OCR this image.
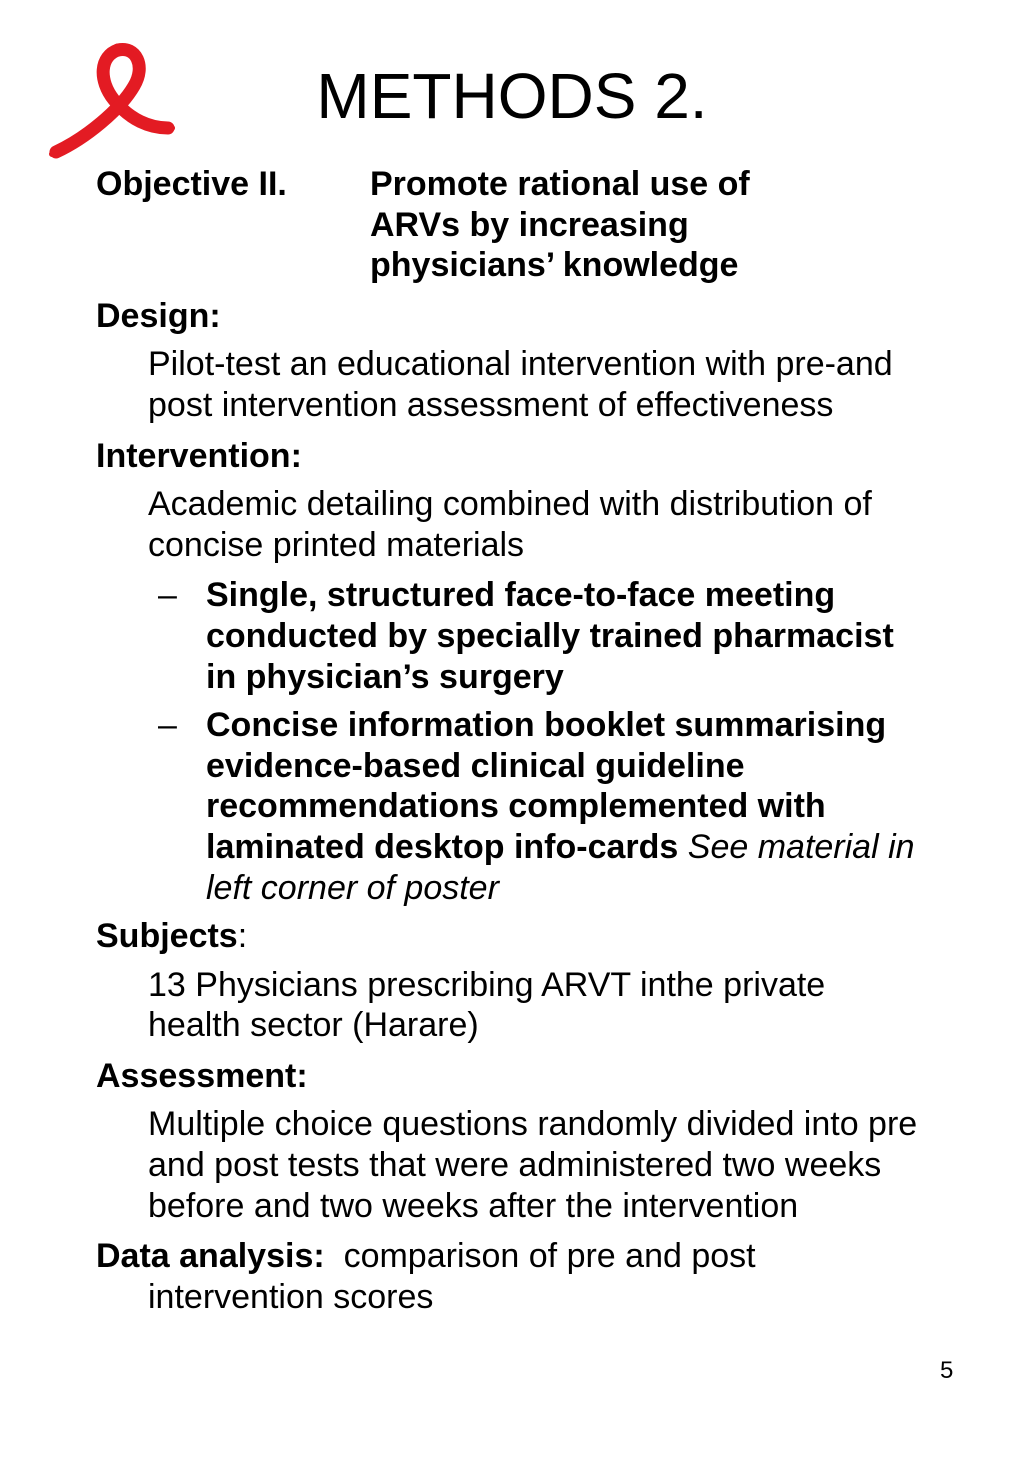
METHODS 2.
Objective II.	Promote rational use of ARVs by increasing physicians’ knowledge
Design:
Pilot-test an educational intervention with pre-and post intervention assessment of effectiveness
Intervention:
Academic detailing combined with distribution of concise printed materials
– Single, structured face-to-face meeting conducted by specially trained pharmacist in physician’s surgery
– Concise information booklet summarising evidence-based clinical guideline recommendations complemented with laminated desktop info-cards See material in left corner of poster
Subjects:
13 Physicians prescribing ARVT inthe private health sector (Harare)
Assessment:
Multiple choice questions randomly divided into pre and post tests that were administered two weeks before and two weeks after the intervention
Data analysis: comparison of pre and post
intervention scores
5
